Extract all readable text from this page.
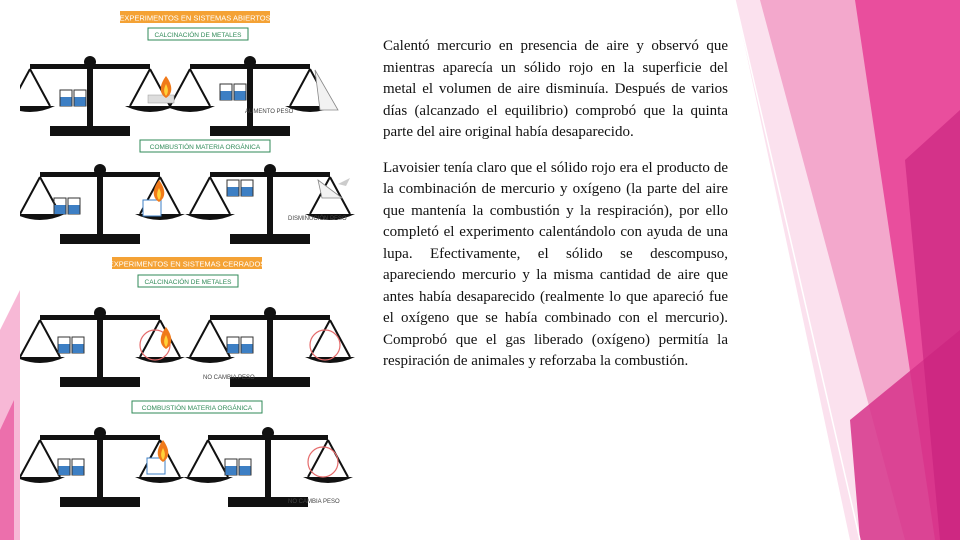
EXPERIMENTOS EN SISTEMAS ABIERTOS
CALCINACIÓN DE METALES
AUMENTO PESO
COMBUSTIÓN MATERIA ORGÁNICA
DISMINUCIÓN PESO
EXPERIMENTOS EN SISTEMAS CERRADOS
CALCINACIÓN DE METALES
NO CAMBIA PESO
COMBUSTIÓN MATERIA ORGÁNICA
NO CAMBIA PESO

Calentó mercurio en presencia de aire y observó que mientras aparecía un sólido rojo en la superficie del metal el volumen de aire disminuía. Después de varios días (alcanzado el equilibrio) comprobó que la quinta parte del aire original había desaparecido.

Lavoisier tenía claro que el sólido rojo era el producto de la combinación de mercurio y oxígeno (la parte del aire que mantenía la combustión y la respiración), por ello completó el experimento calentándolo con ayuda de una lupa. Efectivamente, el sólido se descompuso, apareciendo mercurio y la misma cantidad de aire que antes había desaparecido (realmente lo que apareció fue el oxígeno que se había combinado con el mercurio). Comprobó que el gas liberado (oxígeno) permitía la respiración de animales y reforzaba la combustión.
